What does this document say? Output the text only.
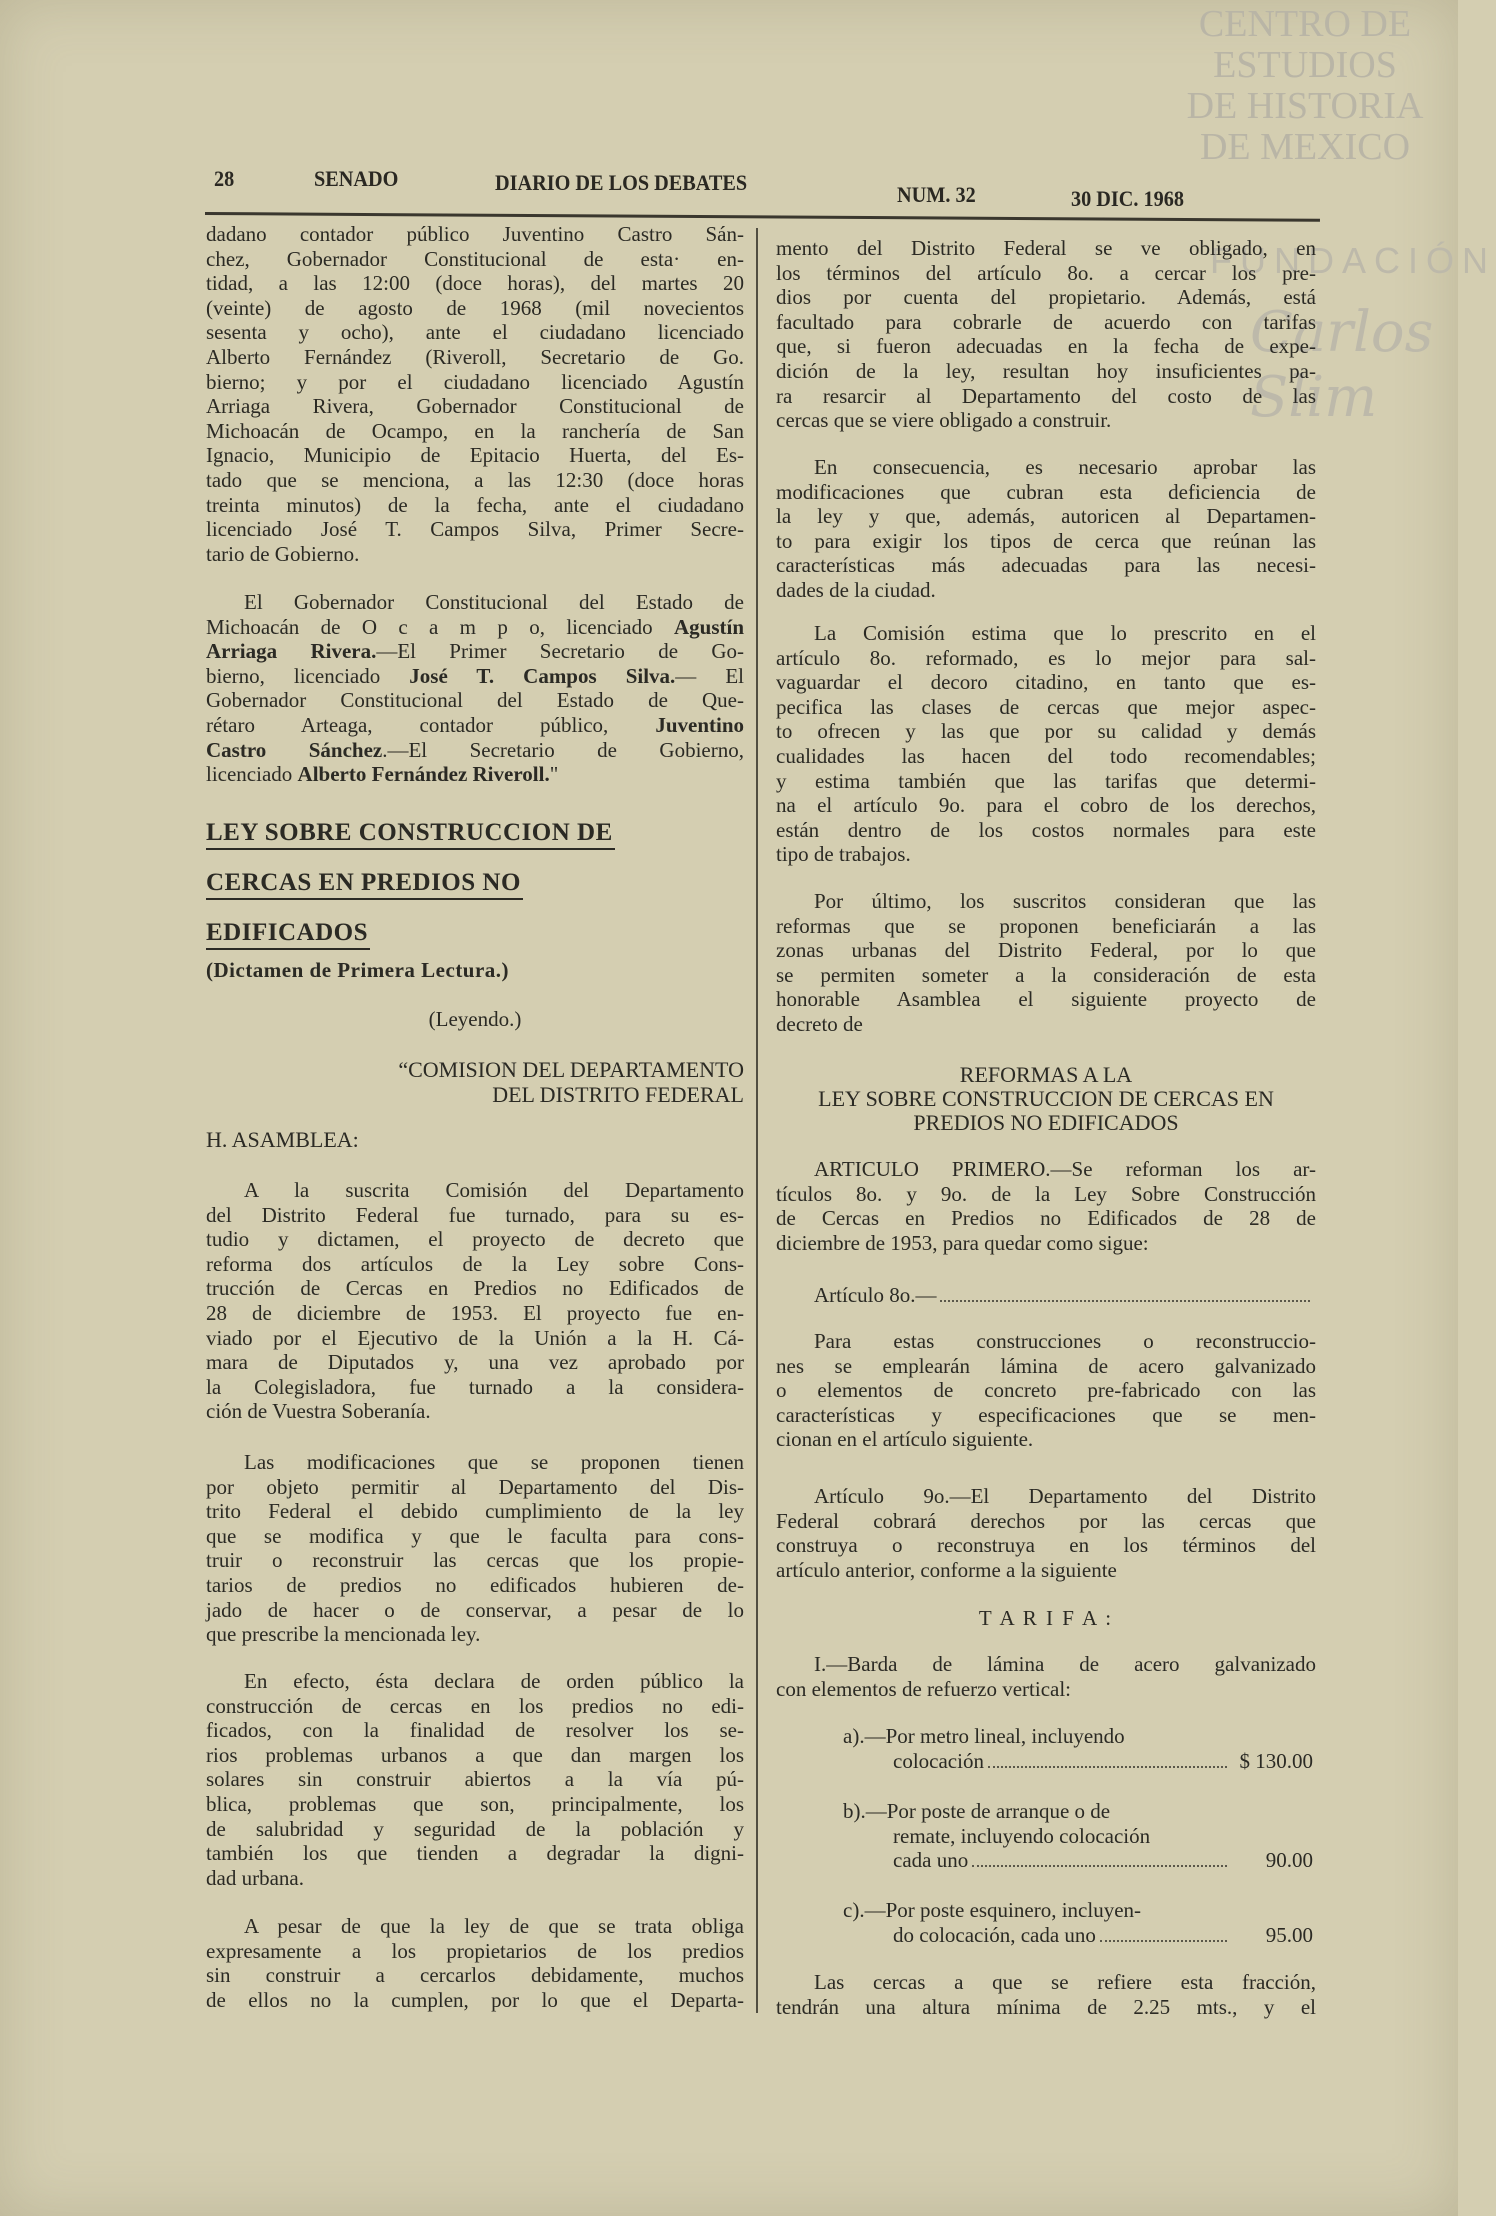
CENTRO DE
ESTUDIOS
DE HISTORIA
DE MEXICO
FUNDACIÓN
Carlos Slim
28	SENADO	DIARIO DE LOS DEBATES	NUM. 32	30 DIC. 1968
dadano contador público Juventino Castro Sán-
chez, Gobernador Constitucional de esta· en-
tidad, a las 12:00 (doce horas), del martes 20
(veinte) de agosto de 1968 (mil novecientos
sesenta y ocho), ante el ciudadano licenciado
Alberto Fernández (Riveroll, Secretario de Go.
bierno; y por el ciudadano licenciado Agustín
Arriaga Rivera, Gobernador Constitucional de
Michoacán de Ocampo, en la ranchería de San
Ignacio, Municipio de Epitacio Huerta, del Es-
tado que se menciona, a las 12:30 (doce horas
treinta minutos) de la fecha, ante el ciudadano
licenciado José T. Campos Silva, Primer Secre-
tario de Gobierno.
El Gobernador Constitucional del Estado de
Michoacán de O c a m p o, licenciado Agustín
Arriaga Rivera.—El Primer Secretario de Go-
bierno, licenciado José T. Campos Silva.— El
Gobernador Constitucional del Estado de Que-
rétaro Arteaga, contador público, Juventino
Castro Sánchez.—El Secretario de Gobierno,
licenciado Alberto Fernández Riveroll."
LEY SOBRE CONSTRUCCION DE
CERCAS EN PREDIOS NO
EDIFICADOS
(Dictamen de Primera Lectura.)
(Leyendo.)
“COMISION DEL DEPARTAMENTO
DEL DISTRITO FEDERAL
H. ASAMBLEA:
A la suscrita Comisión del Departamento
del Distrito Federal fue turnado, para su es-
tudio y dictamen, el proyecto de decreto que
reforma dos artículos de la Ley sobre Cons-
trucción de Cercas en Predios no Edificados de
28 de diciembre de 1953. El proyecto fue en-
viado por el Ejecutivo de la Unión a la H. Cá-
mara de Diputados y, una vez aprobado por
la Colegisladora, fue turnado a la considera-
ción de Vuestra Soberanía.
Las modificaciones que se proponen tienen
por objeto permitir al Departamento del Dis-
trito Federal el debido cumplimiento de la ley
que se modifica y que le faculta para cons-
truir o reconstruir las cercas que los propie-
tarios de predios no edificados hubieren de-
jado de hacer o de conservar, a pesar de lo
que prescribe la mencionada ley.
En efecto, ésta declara de orden público la
construcción de cercas en los predios no edi-
ficados, con la finalidad de resolver los se-
rios problemas urbanos a que dan margen los
solares sin construir abiertos a la vía pú-
blica, problemas que son, principalmente, los
de salubridad y seguridad de la población y
también los que tienden a degradar la digni-
dad urbana.
A pesar de que la ley de que se trata obliga
expresamente a los propietarios de los predios
sin construir a cercarlos debidamente, muchos
de ellos no la cumplen, por lo que el Departa-
mento del Distrito Federal se ve obligado, en
los términos del artículo 8o. a cercar los pre-
dios por cuenta del propietario. Además, está
facultado para cobrarle de acuerdo con tarifas
que, si fueron adecuadas en la fecha de expe-
dición de la ley, resultan hoy insuficientes pa-
ra resarcir al Departamento del costo de las
cercas que se viere obligado a construir.
En consecuencia, es necesario aprobar las
modificaciones que cubran esta deficiencia de
la ley y que, además, autoricen al Departamen-
to para exigir los tipos de cerca que reúnan las
características más adecuadas para las necesi-
dades de la ciudad.
La Comisión estima que lo prescrito en el
artículo 8o. reformado, es lo mejor para sal-
vaguardar el decoro citadino, en tanto que es-
pecifica las clases de cercas que mejor aspec-
to ofrecen y las que por su calidad y demás
cualidades las hacen del todo recomendables;
y estima también que las tarifas que determi-
na el artículo 9o. para el cobro de los derechos,
están dentro de los costos normales para este
tipo de trabajos.
Por último, los suscritos consideran que las
reformas que se proponen beneficiarán a las
zonas urbanas del Distrito Federal, por lo que
se permiten someter a la consideración de esta
honorable Asamblea el siguiente proyecto de
decreto de
REFORMAS A LA
LEY SOBRE CONSTRUCCION DE CERCAS EN
PREDIOS NO EDIFICADOS
ARTICULO PRIMERO.—Se reforman los ar-
tículos 8o. y 9o. de la Ley Sobre Construcción
de Cercas en Predios no Edificados de 28 de
diciembre de 1953, para quedar como sigue:
Artículo 8o.—
Para estas construcciones o reconstruccio-
nes se emplearán lámina de acero galvanizado
o elementos de concreto pre-fabricado con las
características y especificaciones que se men-
cionan en el artículo siguiente.
Artículo 9o.—El Departamento del Distrito
Federal cobrará derechos por las cercas que
construya o reconstruya en los términos del
artículo anterior, conforme a la siguiente
T A R I F A :
I.—Barda de lámina de acero galvanizado
con elementos de refuerzo vertical:
a).—Por metro lineal, incluyendo
colocación	$ 130.00
b).—Por poste de arranque o de
remate, incluyendo colocación
cada uno	90.00
c).—Por poste esquinero, incluyen-
do colocación, cada uno	95.00
Las cercas a que se refiere esta fracción,
tendrán una altura mínima de 2.25 mts., y el
